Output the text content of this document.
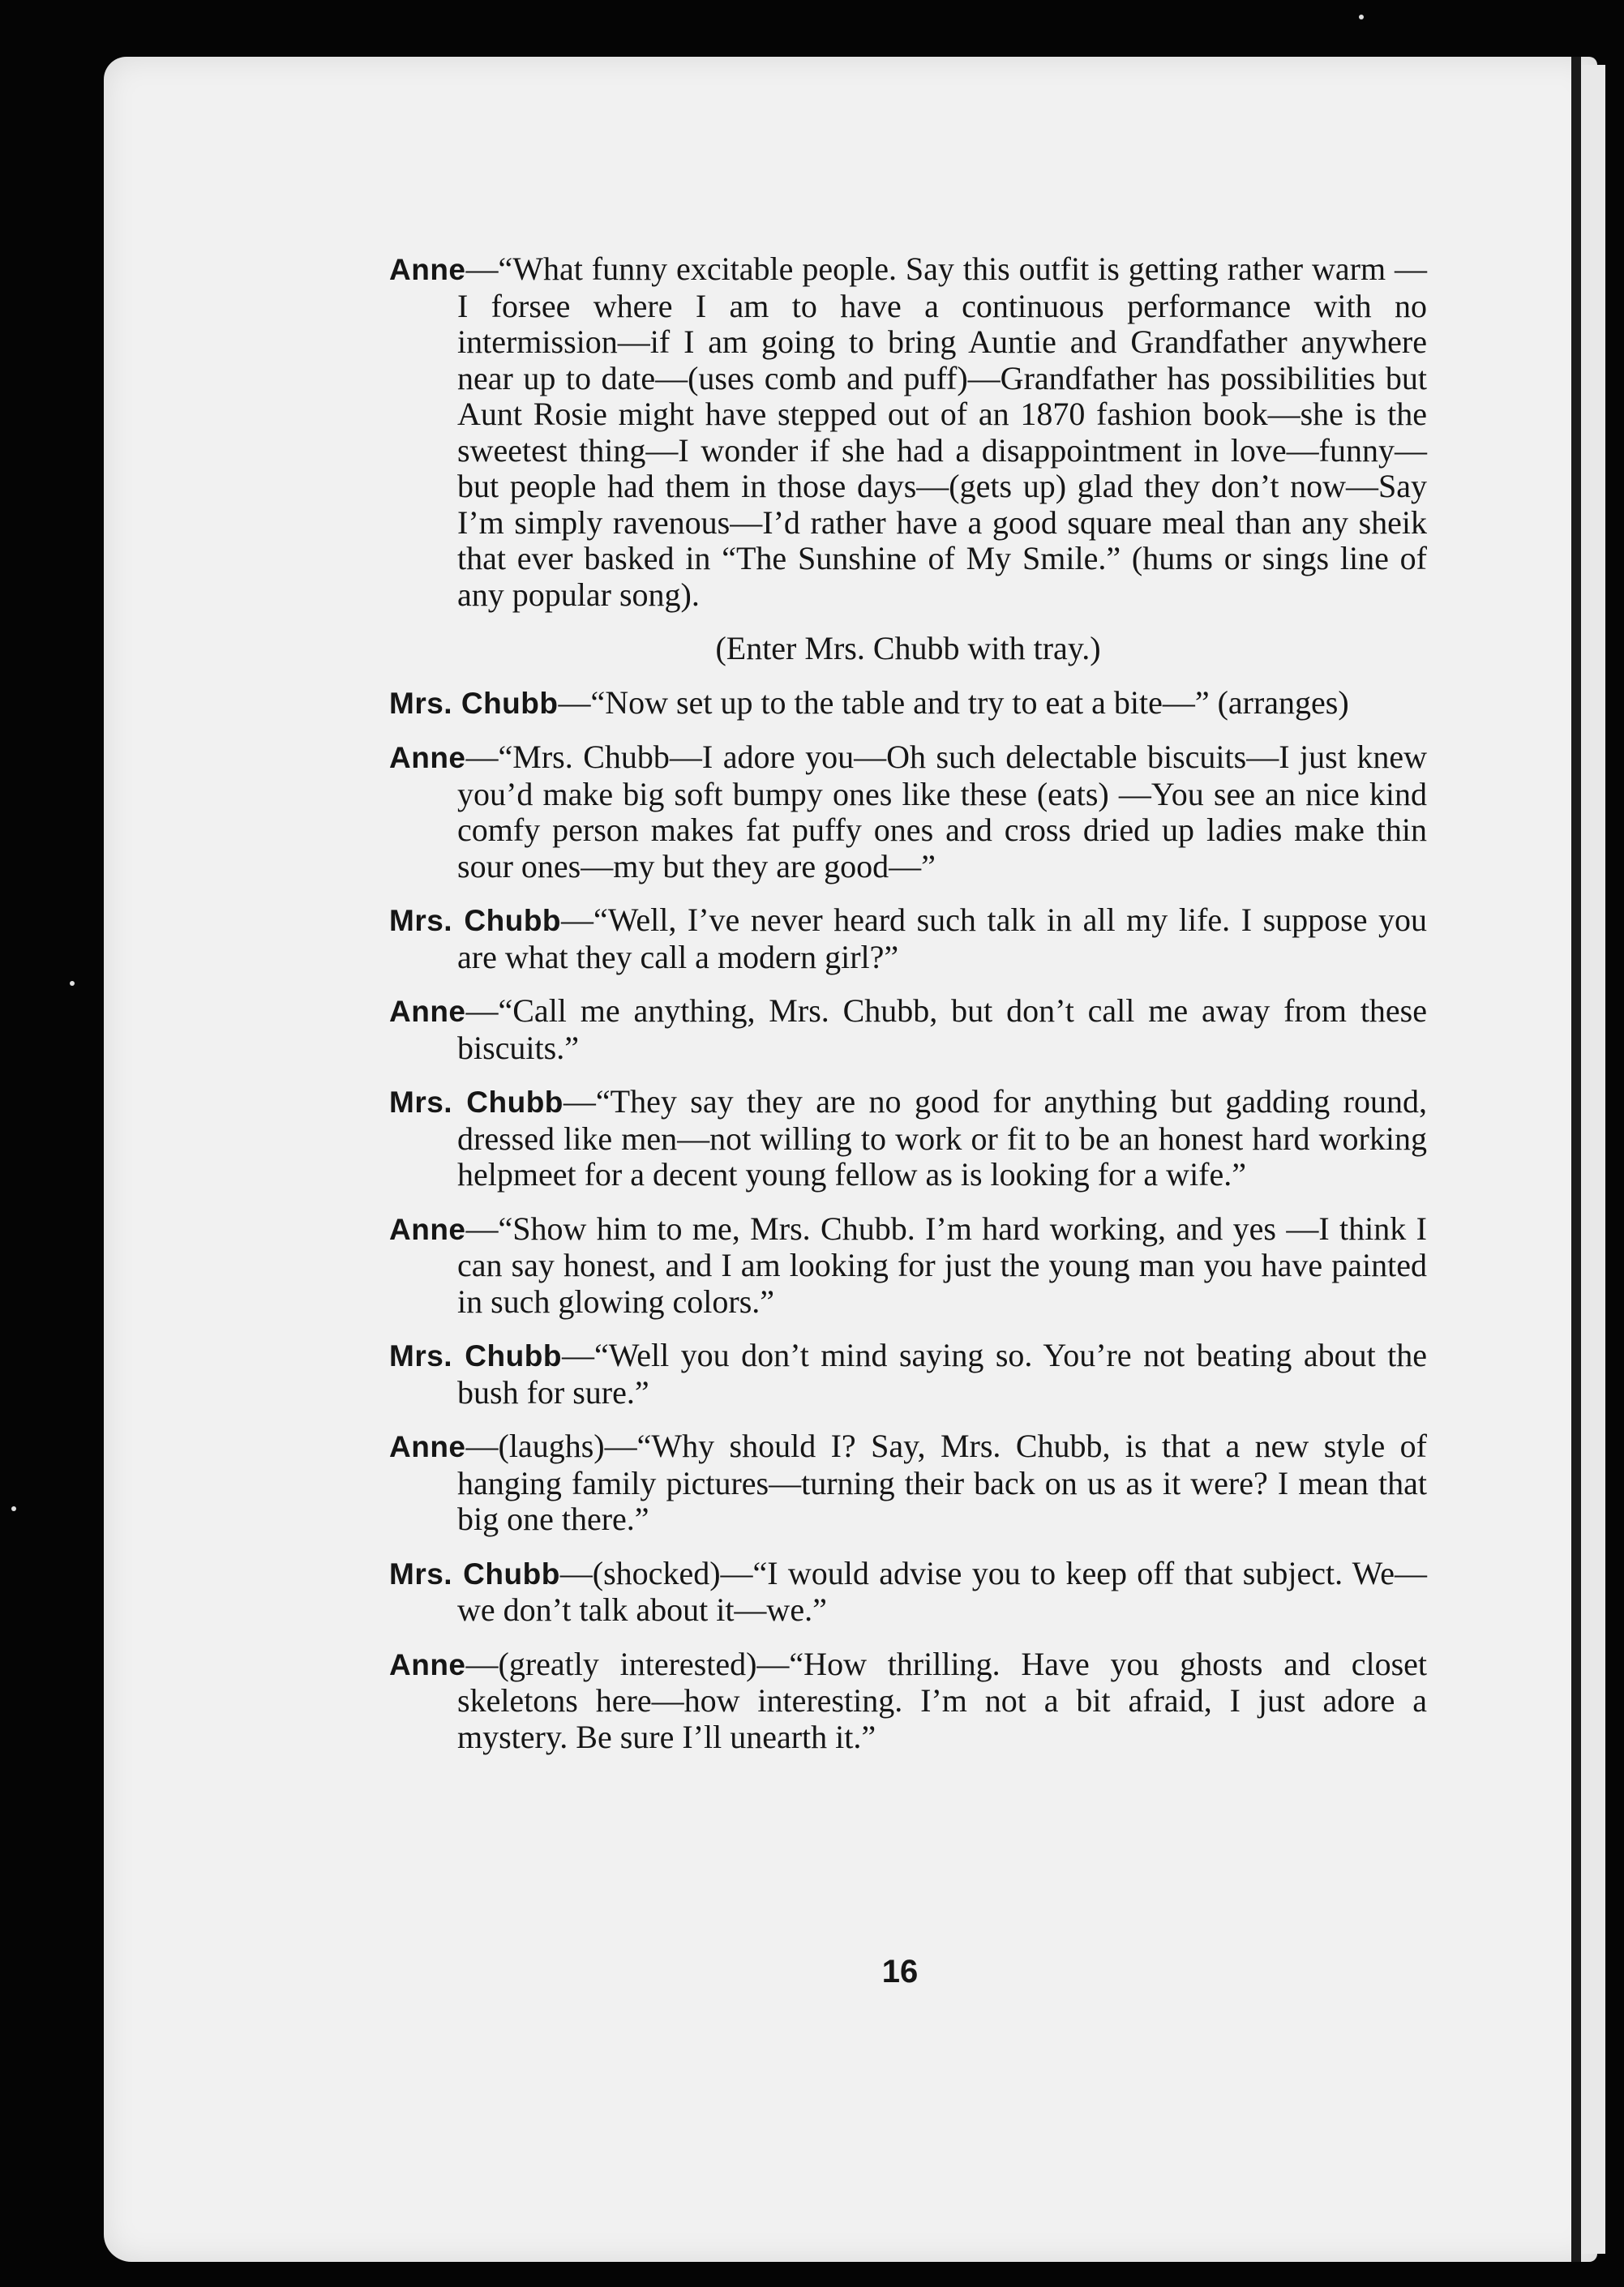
Anne—“What funny excitable people. Say this outfit is getting rather warm — I forsee where I am to have a continuous performance with no intermission—if I am going to bring Auntie and Grandfather anywhere near up to date—(uses comb and puff)—Grandfather has possibilities but Aunt Rosie might have stepped out of an 1870 fashion book—she is the sweetest thing—I wonder if she had a disappointment in love—funny—but people had them in those days—(gets up) glad they don’t now—Say I’m simply ravenous—I’d rather have a good square meal than any sheik that ever basked in “The Sunshine of My Smile.” (hums or sings line of any popular song).
(Enter Mrs. Chubb with tray.)
Mrs. Chubb—“Now set up to the table and try to eat a bite—” (arranges)
Anne—“Mrs. Chubb—I adore you—Oh such delectable biscuits—I just knew you’d make big soft bumpy ones like these (eats) —You see an nice kind comfy person makes fat puffy ones and cross dried up ladies make thin sour ones—my but they are good—”
Mrs. Chubb—“Well, I’ve never heard such talk in all my life. I suppose you are what they call a modern girl?”
Anne—“Call me anything, Mrs. Chubb, but don’t call me away from these biscuits.”
Mrs. Chubb—“They say they are no good for anything but gadding round, dressed like men—not willing to work or fit to be an honest hard working helpmeet for a decent young fellow as is looking for a wife.”
Anne—“Show him to me, Mrs. Chubb. I’m hard working, and yes —I think I can say honest, and I am looking for just the young man you have painted in such glowing colors.”
Mrs. Chubb—“Well you don’t mind saying so. You’re not beating about the bush for sure.”
Anne—(laughs)—“Why should I? Say, Mrs. Chubb, is that a new style of hanging family pictures—turning their back on us as it were? I mean that big one there.”
Mrs. Chubb—(shocked)—“I would advise you to keep off that subject. We—we don’t talk about it—we.”
Anne—(greatly interested)—“How thrilling. Have you ghosts and closet skeletons here—how interesting. I’m not a bit afraid, I just adore a mystery. Be sure I’ll unearth it.”
16
